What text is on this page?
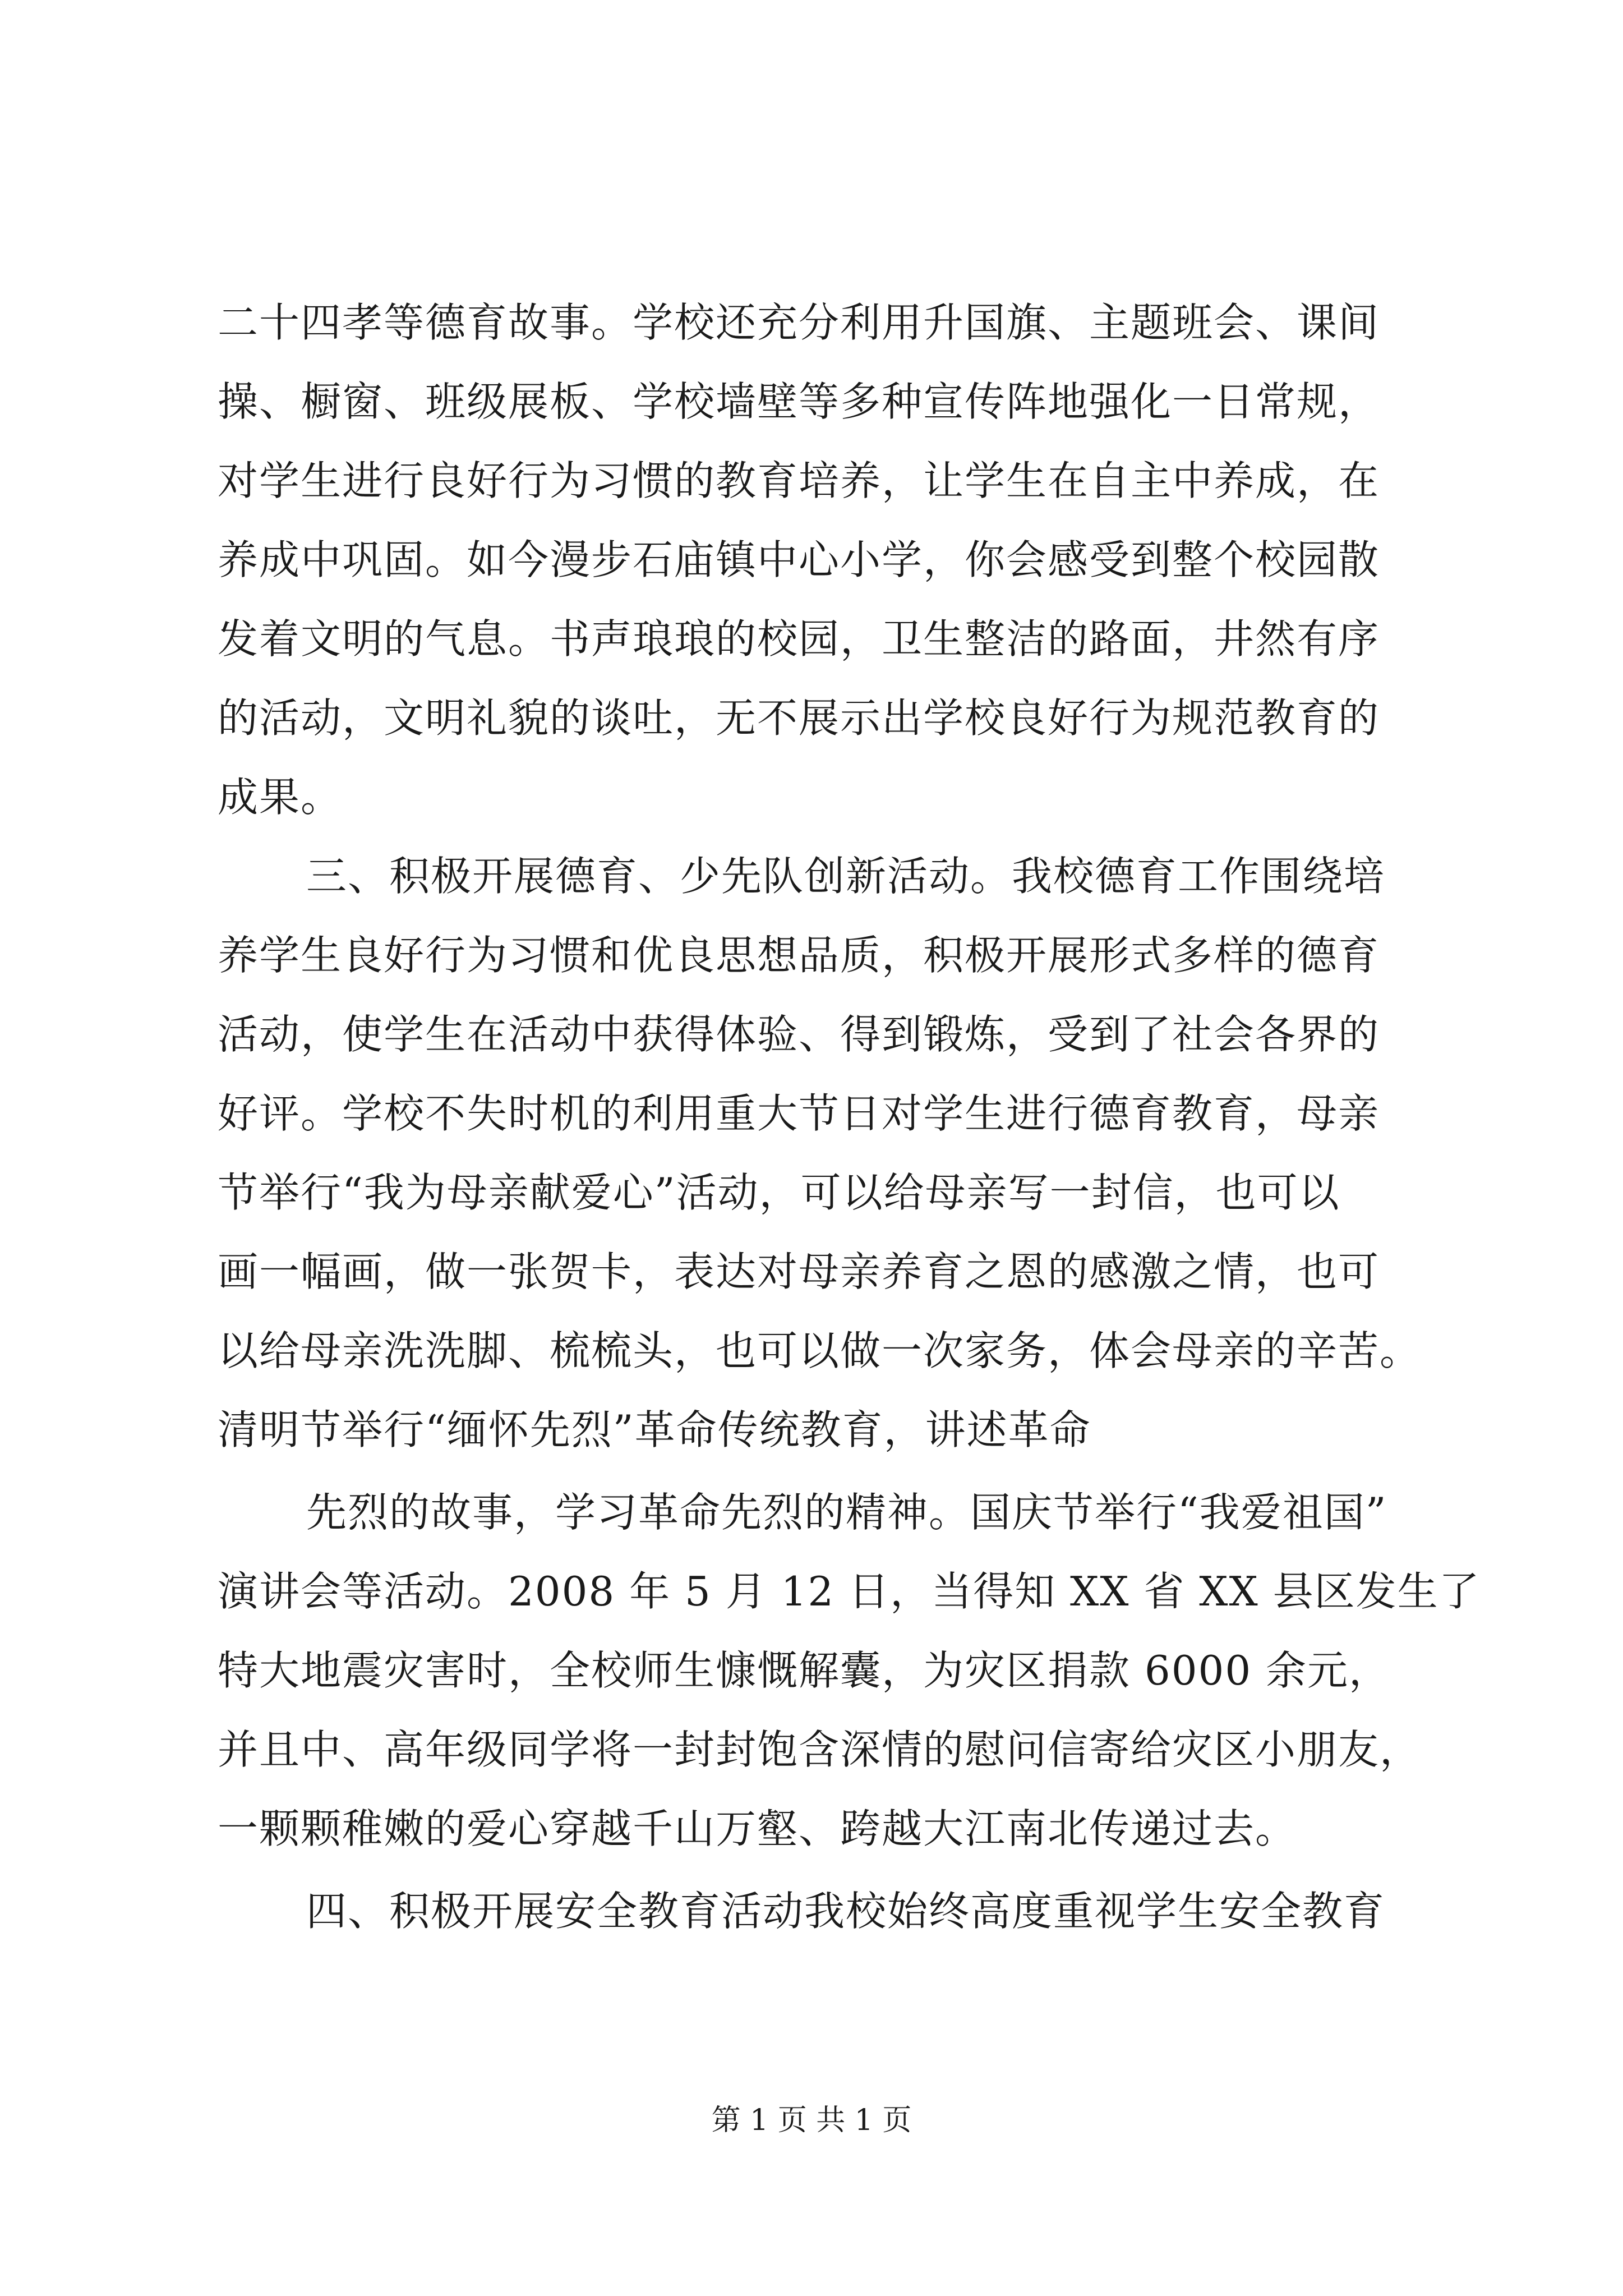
二十四孝等德育故事。学校还充分利用升国旗、主题班会、课间
操、橱窗、班级展板、学校墙壁等多种宣传阵地强化一日常规，
对学生进行良好行为习惯的教育培养，让学生在自主中养成，在
养成中巩固。如今漫步石庙镇中心小学，你会感受到整个校园散
发着文明的气息。书声琅琅的校园，卫生整洁的路面，井然有序
的活动，文明礼貌的谈吐，无不展示出学校良好行为规范教育的
成果。
三、积极开展德育、少先队创新活动。我校德育工作围绕培
养学生良好行为习惯和优良思想品质，积极开展形式多样的德育
活动，使学生在活动中获得体验、得到锻炼，受到了社会各界的
好评。学校不失时机的利用重大节日对学生进行德育教育，母亲
节举行“我为母亲献爱心”活动，可以给母亲写一封信，也可以
画一幅画，做一张贺卡，表达对母亲养育之恩的感激之情，也可
以给母亲洗洗脚、梳梳头，也可以做一次家务，体会母亲的辛苦。
清明节举行“缅怀先烈”革命传统教育，讲述革命
先烈的故事，学习革命先烈的精神。国庆节举行“我爱祖国”
演讲会等活动。2008 年 5 月 12 日，当得知 XX 省 XX 县区发生了
特大地震灾害时，全校师生慷慨解囊，为灾区捐款 6000 余元，
并且中、高年级同学将一封封饱含深情的慰问信寄给灾区小朋友，
一颗颗稚嫩的爱心穿越千山万壑、跨越大江南北传递过去。
四、积极开展安全教育活动我校始终高度重视学生安全教育
第 1 页 共 1 页
